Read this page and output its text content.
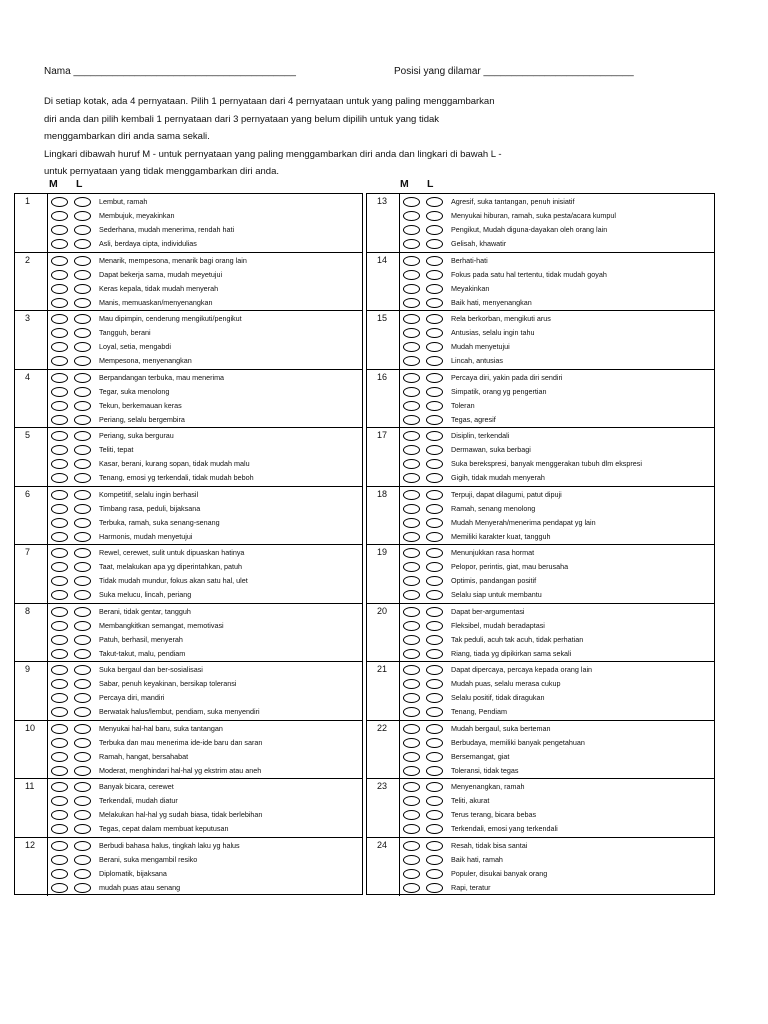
Nama ________________________________________	Posisi yang dilamar ___________________________

Di setiap kotak, ada 4 pernyataan. Pilih 1 pernyataan dari 4 pernyataan untuk yang paling menggambarkan

diri anda dan pilih kembali 1 pernyataan dari 3 pernyataan yang belum dipilih untuk yang tidak

menggambarkan diri anda sama sekali.

Lingkari dibawah huruf M - untuk pernyataan yang paling menggambarkan diri anda dan lingkari di bawah L -

untuk pernyataan yang tidak menggambarkan diri anda.

M L	M L
1	Lembut, ramah
Membujuk, meyakinkan
Sederhana, mudah menerima, rendah hati
Asli, berdaya cipta, individulias
2	Menarik, mempesona, menarik bagi orang lain
Dapat bekerja sama, mudah meyetujui
Keras kepala, tidak mudah menyerah
Manis, memuaskan/menyenangkan
3	Mau dipimpin, cenderung mengikuti/pengikut
Tangguh, berani
Loyal, setia, mengabdi
Mempesona, menyenangkan
4	Berpandangan terbuka, mau menerima
Tegar, suka menolong
Tekun, berkemauan keras
Periang, selalu bergembira
5	Periang, suka bergurau
Teliti, tepat
Kasar, berani, kurang sopan, tidak mudah malu
Tenang, emosi yg terkendali, tidak mudah beboh
6	Kompetitif, selalu ingin berhasil
Timbang rasa, peduli, bijaksana
Terbuka, ramah, suka senang-senang
Harmonis, mudah menyetujui
7	Rewel, cerewet, sulit untuk dipuaskan hatinya
Taat, melakukan apa yg diperintahkan, patuh
Tidak mudah mundur, fokus akan satu hal, ulet
Suka melucu, lincah, periang
8	Berani, tidak gentar, tangguh
Membangkitkan semangat, memotivasi
Patuh, berhasil, menyerah
Takut-takut, malu, pendiam
9	Suka bergaul dan ber-sosialisasi
Sabar, penuh keyakinan, bersikap toleransi
Percaya diri, mandiri
Berwatak halus/lembut, pendiam, suka menyendiri
10	Menyukai hal-hal baru, suka tantangan
Terbuka dan mau menerima ide-ide baru dan saran
Ramah, hangat, bersahabat
Moderat, menghindari hal-hal yg ekstrim atau aneh
11	Banyak bicara, cerewet
Terkendali, mudah diatur
Melakukan hal-hal yg sudah biasa, tidak berlebihan
Tegas, cepat dalam membuat keputusan
12	Berbudi bahasa halus, tingkah laku yg halus
Berani, suka mengambil resiko
Diplomatik, bijaksana
mudah puas atau senang
13	Agresif, suka tantangan, penuh inisiatif
Menyukai hiburan, ramah, suka pesta/acara kumpul
Pengikut, Mudah diguna-dayakan oleh orang lain
Gelisah, khawatir
14	Berhati-hati
Fokus pada satu hal tertentu, tidak mudah goyah
Meyakinkan
Baik hati, menyenangkan
15	Rela berkorban, mengikuti arus
Antusias, selalu ingin tahu
Mudah menyetujui
Lincah, antusias
16	Percaya diri, yakin pada diri sendiri
Simpatik, orang yg pengertian
Toleran
Tegas, agresif
17	Disiplin, terkendali
Dermawan, suka berbagi
Suka berekspresi, banyak menggerakan tubuh dlm ekspresi
Gigih, tidak mudah menyerah
18	Terpuji, dapat dilagumi, patut dipuji
Ramah, senang menolong
Mudah Menyerah/menerima pendapat yg lain
Memiliki karakter kuat, tangguh
19	Menunjukkan rasa hormat
Pelopor, perintis, giat, mau berusaha
Optimis, pandangan positif
Selalu siap untuk membantu
20	Dapat ber-argumentasi
Fleksibel, mudah beradaptasi
Tak peduli, acuh tak acuh, tidak perhatian
Riang, tiada yg dipikirkan sama sekali
21	Dapat dipercaya, percaya kepada orang lain
Mudah puas, selalu merasa cukup
Selalu positif, tidak diragukan
Tenang, Pendiam
22	Mudah bergaul, suka berteman
Berbudaya, memiliki banyak pengetahuan
Bersemangat, giat
Toleransi, tidak tegas
23	Menyenangkan, ramah
Teliti, akurat
Terus terang, bicara bebas
Terkendali, emosi yang terkendali
24	Resah, tidak bisa santai
Baik hati, ramah
Populer, disukai banyak orang
Rapi, teratur
